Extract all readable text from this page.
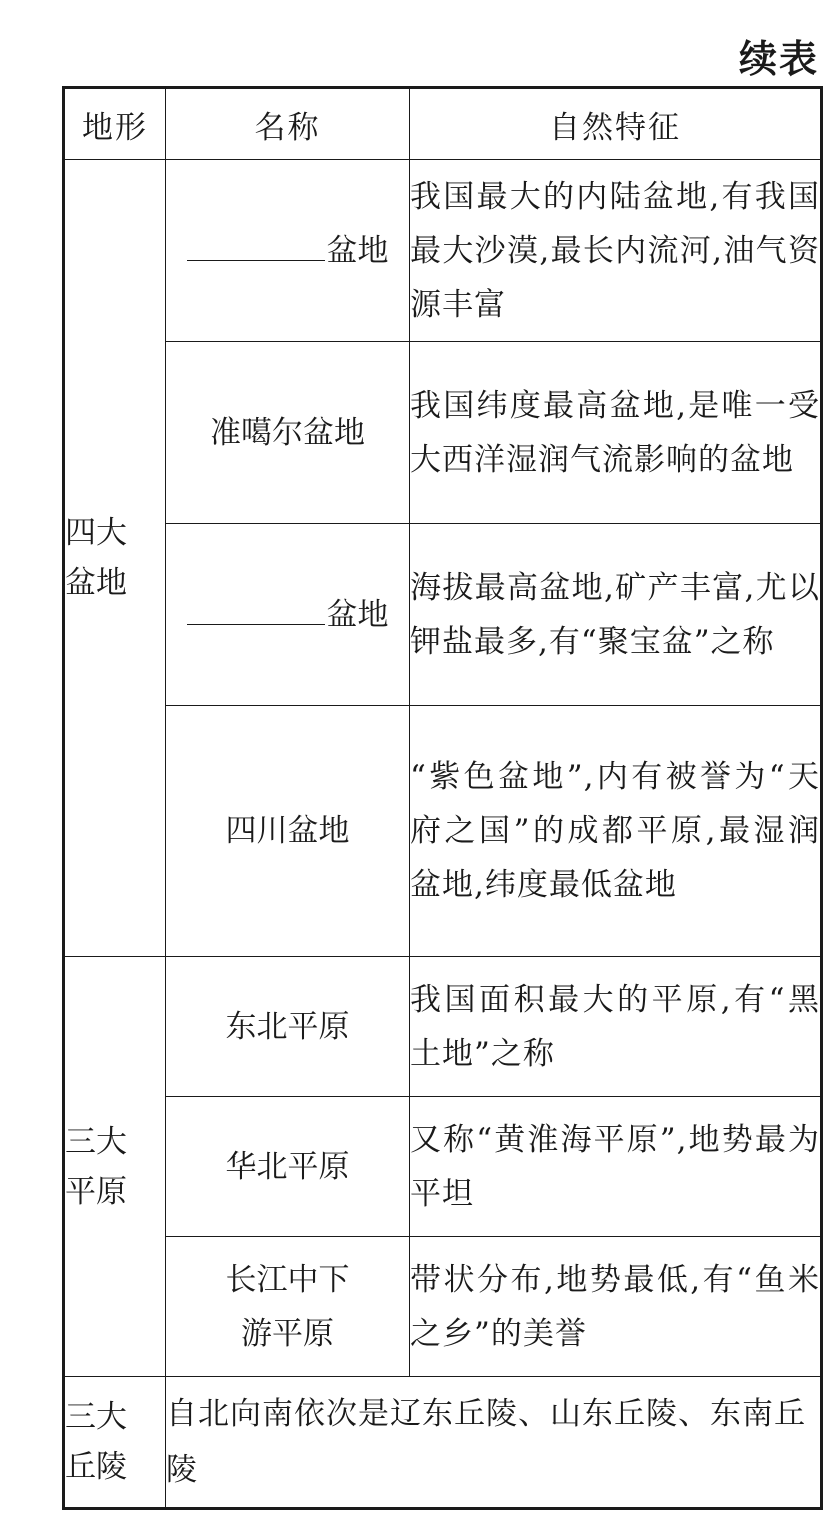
续表
地形	名称	自然特征

四大盆地	盆地	我国最大的内陆盆地,有我国最大沙漠,最长内流河,油气资源丰富
	准噶尔盆地	我国纬度最高盆地,是唯一受大西洋湿润气流影响的盆地
	盆地	海拔最高盆地,矿产丰富,尤以钾盐最多,有“聚宝盆”之称
	四川盆地	“紫色盆地”,内有被誉为“天府之国”的成都平原,最湿润盆地,纬度最低盆地

三大平原	东北平原	我国面积最大的平原,有“黑土地”之称
	华北平原	又称“黄淮海平原”,地势最为平坦
	长江中下游平原	带状分布,地势最低,有“鱼米之乡”的美誉

三大丘陵	自北向南依次是辽东丘陵、山东丘陵、东南丘陵	
